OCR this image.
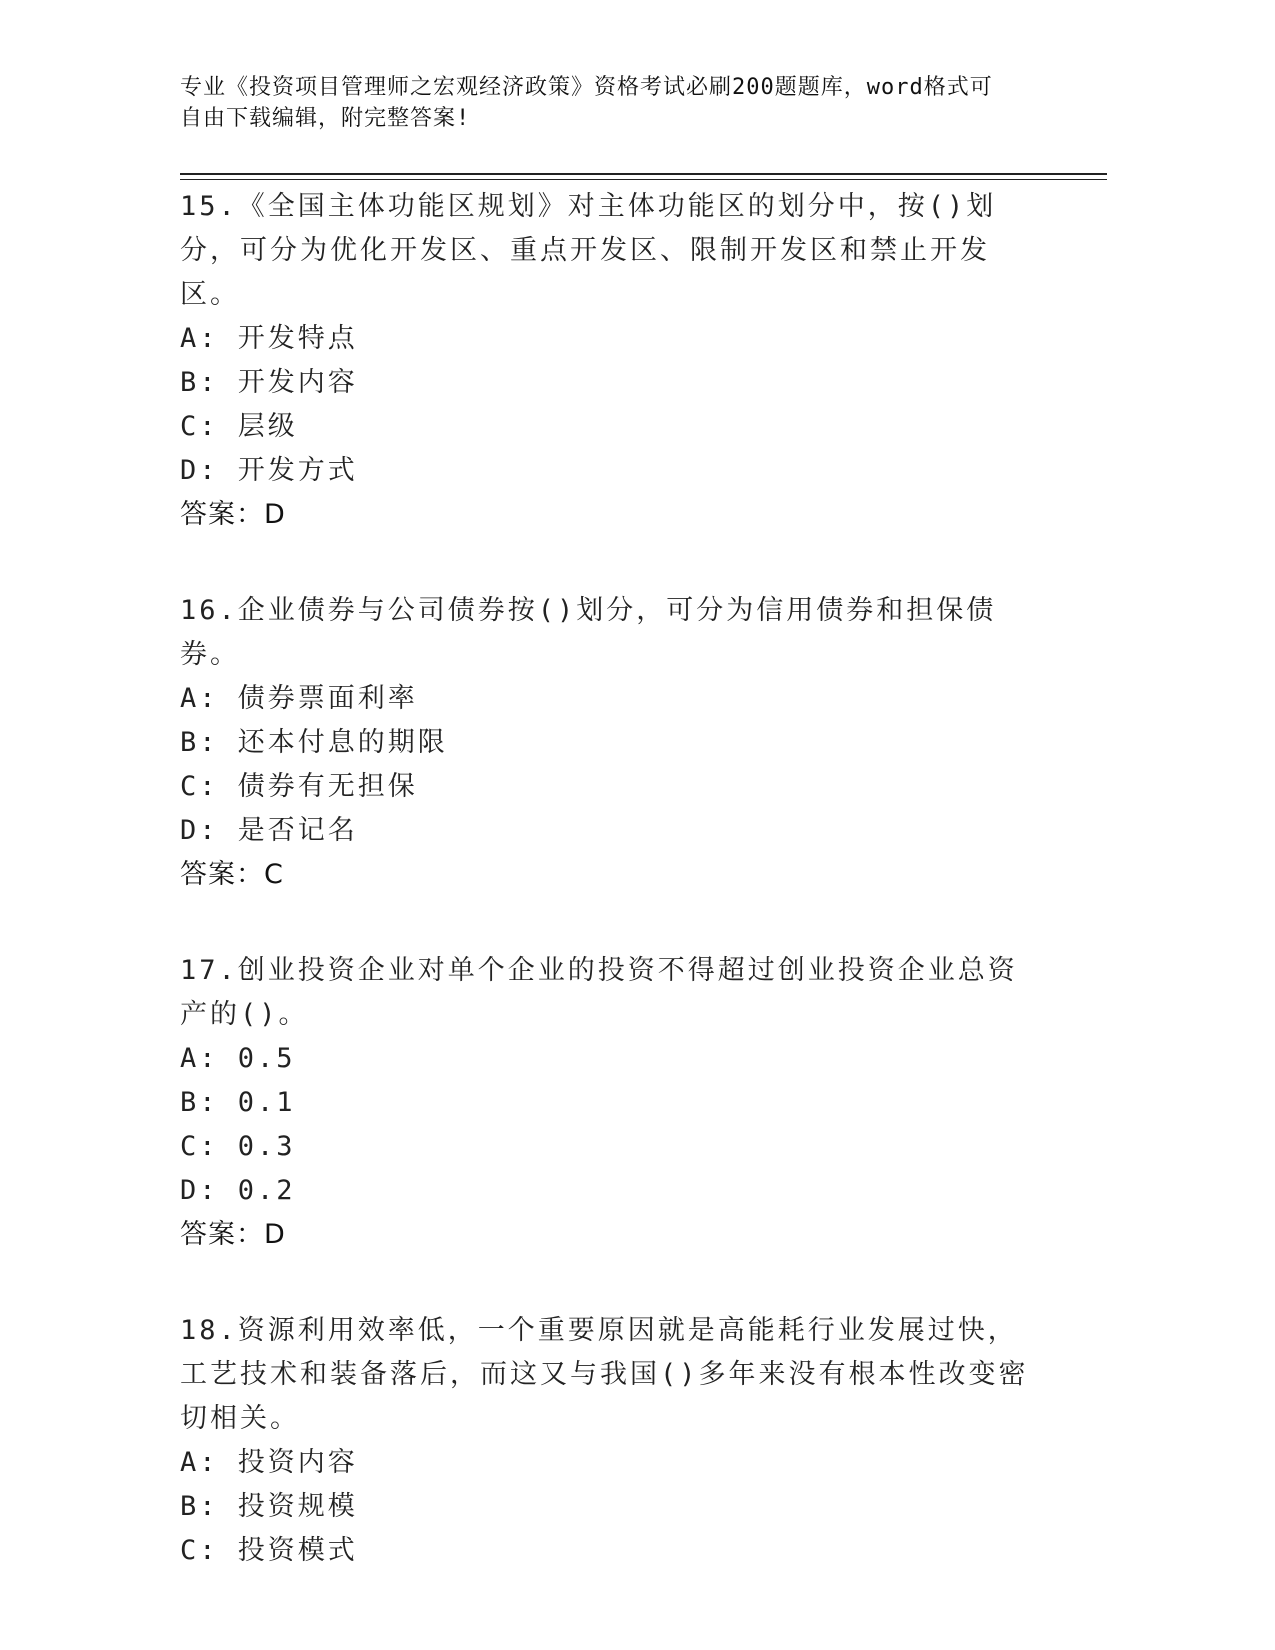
专业《投资项目管理师之宏观经济政策》资格考试必刷200题题库，word格式可
自由下载编辑，附完整答案!

15.《全国主体功能区规划》对主体功能区的划分中，按()划分，可分为优化开发区、重点开发区、限制开发区和禁止开发区。

A: 开发特点

B: 开发内容

C: 层级

D: 开发方式

答案：D

16.企业债券与公司债券按()划分，可分为信用债券和担保债券。

A: 债券票面利率

B: 还本付息的期限

C: 债券有无担保

D: 是否记名

答案：C

17.创业投资企业对单个企业的投资不得超过创业投资企业总资产的()。

A: 0.5

B: 0.1

C: 0.3

D: 0.2

答案：D

18.资源利用效率低，一个重要原因就是高能耗行业发展过快，工艺技术和装备落后，而这又与我国()多年来没有根本性改变密切相关。

A: 投资内容

B: 投资规模

C: 投资模式
